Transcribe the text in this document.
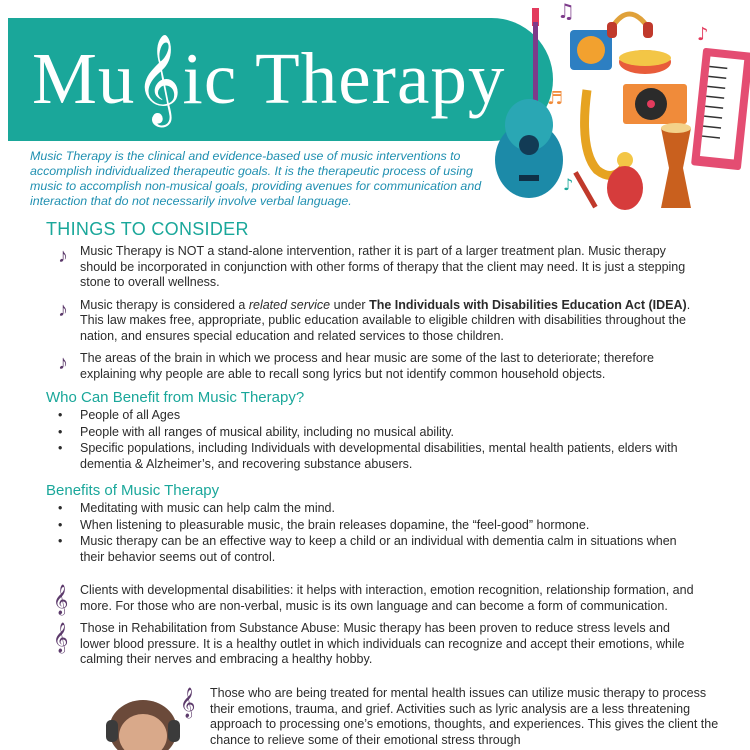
Mu𝄞ic Therapy

Music Therapy is the clinical and evidence-based use of music interventions to accomplish individualized therapeutic goals. It is the therapeutic process of using music to accomplish non-musical goals, providing avenues for communication and interaction that do not necessarily involve verbal language.

♫
♪
♪
♬
THINGS TO CONSIDER
♪ Music Therapy is NOT a stand-alone intervention, rather it is part of a larger treatment plan. Music therapy should be incorporated in conjunction with other forms of therapy that the client may need. It is just a stepping stone to overall wellness.
♪ Music therapy is considered a related service under The Individuals with Disabilities Education Act (IDEA). This law makes free, appropriate, public education available to eligible children with disabilities throughout the nation, and ensures special education and related services to those children.
♪ The areas of the brain in which we process and hear music are some of the last to deteriorate; therefore explaining why people are able to recall song lyrics but not identify common household objects.
Who Can Benefit from Music Therapy?
• People of all Ages
• People with all ranges of musical ability, including no musical ability.
• Specific populations, including Individuals with developmental disabilities, mental health patients, elders with dementia & Alzheimer’s, and recovering substance abusers.
Benefits of Music Therapy
• Meditating with music can help calm the mind.
• When listening to pleasurable music, the brain releases dopamine, the “feel-good” hormone.
• Music therapy can be an effective way to keep a child or an individual with dementia calm in situations when their behavior seems out of control.
𝄞 Clients with developmental disabilities: it helps with interaction, emotion recognition, relationship formation, and more. For those who are non-verbal, music is its own language and can become a form of communication.
𝄞 Those in Rehabilitation from Substance Abuse: Music therapy has been proven to reduce stress levels and lower blood pressure. It is a healthy outlet in which individuals can recognize and accept their emotions, while calming their nerves and embracing a healthy hobby.
𝄞 Those who are being treated for mental health issues can utilize music therapy to process their emotions, trauma, and grief. Activities such as lyric analysis are a less threatening approach to processing one’s emotions, thoughts, and experiences. This gives the client the chance to relieve some of their emotional stress through
